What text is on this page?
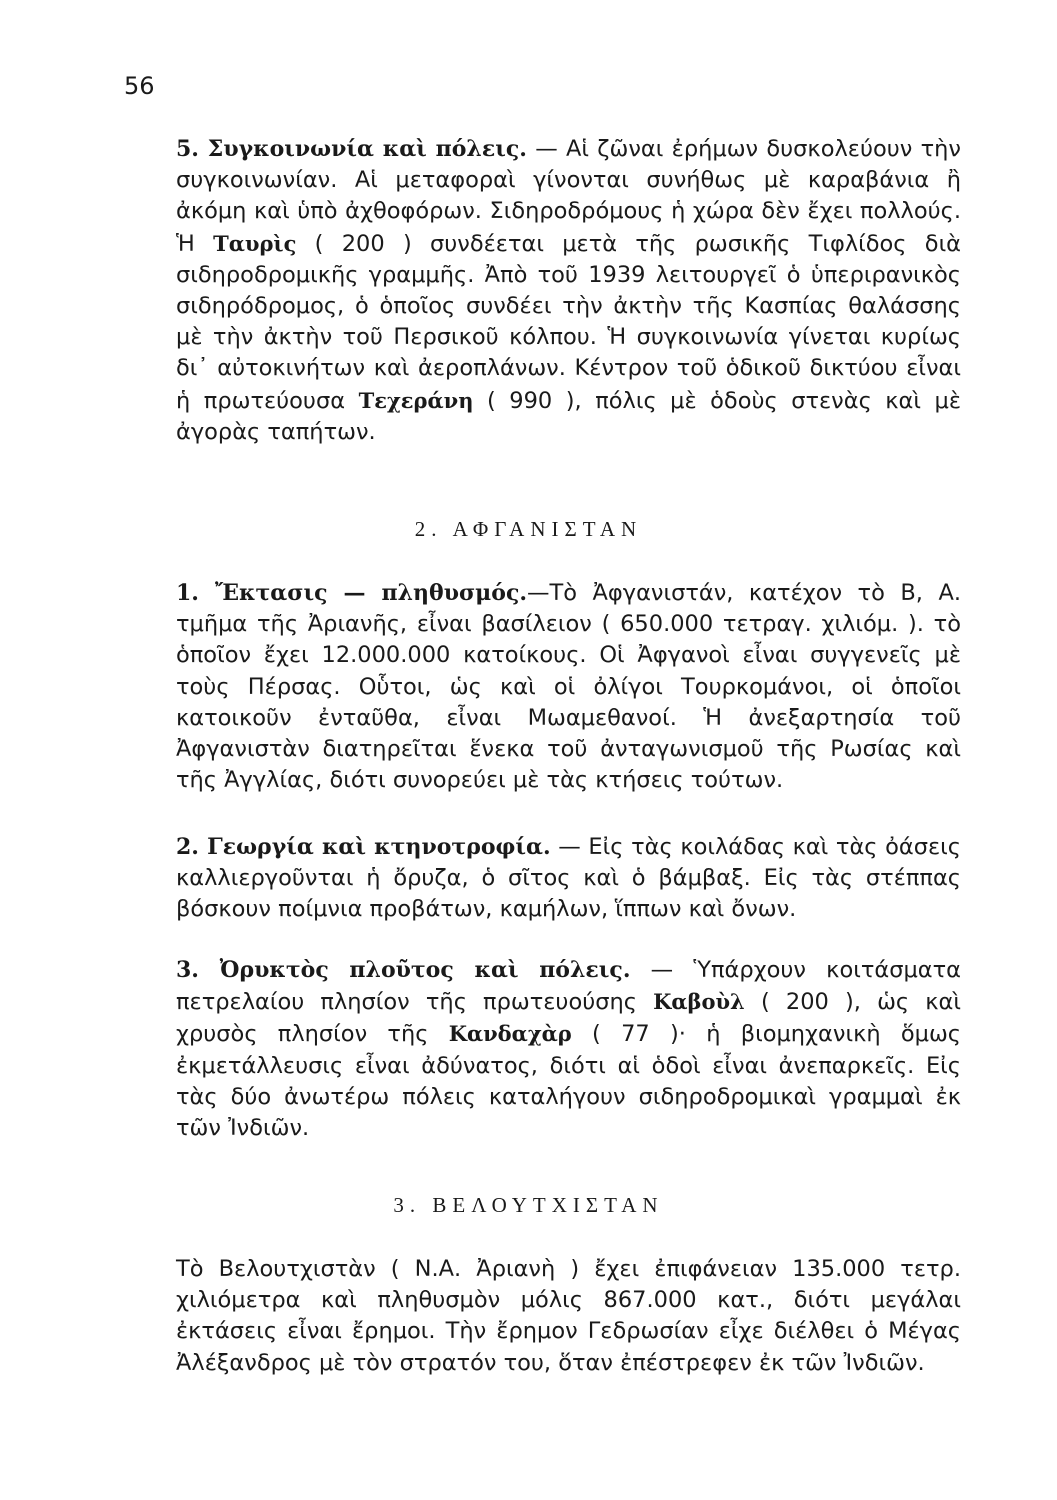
56

5. Συγκοινωνία καὶ πόλεις. — Αἱ ζῶναι ἐρήμων δυσκολεύουν τὴν συγκοινωνίαν. Αἱ μεταφοραὶ γίνονται συνήθως μὲ καραβάνια ἢ ἀκόμη καὶ ὑπὸ ἀχθοφόρων. Σιδηροδρόμους ἡ χώρα δὲν ἔχει πολλούς. Ἡ Ταυρὶς ( 200 ) συνδέεται μετὰ τῆς ρωσικῆς Τιφλίδος διὰ σιδηροδρομικῆς γραμμῆς. Ἀπὸ τοῦ 1939 λειτουργεῖ ὁ ὑπεριρανικὸς σιδηρόδρομος, ὁ ὁποῖος συνδέει τὴν ἀκτὴν τῆς Κασπίας θαλάσσης μὲ τὴν ἀκτὴν τοῦ Περσικοῦ κόλπου. Ἡ συγκοινωνία γίνεται κυρίως δι᾽ αὐτοκινήτων καὶ ἀεροπλάνων. Κέντρον τοῦ ὁδικοῦ δικτύου εἶναι ἡ πρωτεύουσα Τεχεράνη ( 990 ), πόλις μὲ ὁδοὺς στενὰς καὶ μὲ ἀγορὰς ταπήτων.

2. ΑΦΓΑΝΙΣΤΑΝ

1. Ἔκτασις — πληθυσμός.—Τὸ Ἀφγανιστάν, κατέχον τὸ Β, Α. τμῆμα τῆς Ἀριανῆς, εἶναι βασίλειον ( 650.000 τετραγ. χιλιόμ. ). τὸ ὁποῖον ἔχει 12.000.000 κατοίκους. Οἱ Ἀφγανοὶ εἶναι συγγενεῖς μὲ τοὺς Πέρσας. Οὗτοι, ὡς καὶ οἱ ὀλίγοι Τουρκομάνοι, οἱ ὁποῖοι κατοικοῦν ἐνταῦθα, εἶναι Μωαμεθανοί. Ἡ ἀνεξαρτησία τοῦ Ἀφγανιστὰν διατηρεῖται ἕνεκα τοῦ ἀνταγωνισμοῦ τῆς Ρωσίας καὶ τῆς Ἀγγλίας, διότι συνορεύει μὲ τὰς κτήσεις τούτων.

2. Γεωργία καὶ κτηνοτροφία. — Εἰς τὰς κοιλάδας καὶ τὰς ὀάσεις καλλιεργοῦνται ἡ ὄρυζα, ὁ σῖτος καὶ ὁ βάμβαξ. Εἰς τὰς στέππας βόσκουν ποίμνια προβάτων, καμήλων, ἵππων καὶ ὄνων.

3. Ὀρυκτὸς πλοῦτος καὶ πόλεις. — Ὑπάρχουν κοιτάσματα πετρελαίου πλησίον τῆς πρωτευούσης Καβοὺλ ( 200 ), ὡς καὶ χρυσὸς πλησίον τῆς Κανδαχὰρ ( 77 )· ἡ βιομηχανικὴ ὅμως ἐκμετάλλευσις εἶναι ἀδύνατος, διότι αἱ ὁδοὶ εἶναι ἀνεπαρκεῖς. Εἰς τὰς δύο ἀνωτέρω πόλεις καταλήγουν σιδηροδρομικαὶ γραμμαὶ ἐκ τῶν Ἰνδιῶν.

3. ΒΕΛΟΥΤΧΙΣΤΑΝ

Τὸ Βελουτχιστὰν ( Ν.Α. Ἀριανὴ ) ἔχει ἐπιφάνειαν 135.000 τετρ. χιλιόμετρα καὶ πληθυσμὸν μόλις 867.000 κατ., διότι μεγάλαι ἐκτάσεις εἶναι ἔρημοι. Τὴν ἔρημον Γεδρωσίαν εἶχε διέλθει ὁ Μέγας Ἀλέξανδρος μὲ τὸν στρατόν του, ὅταν ἐπέστρεφεν ἐκ τῶν Ἰνδιῶν.
